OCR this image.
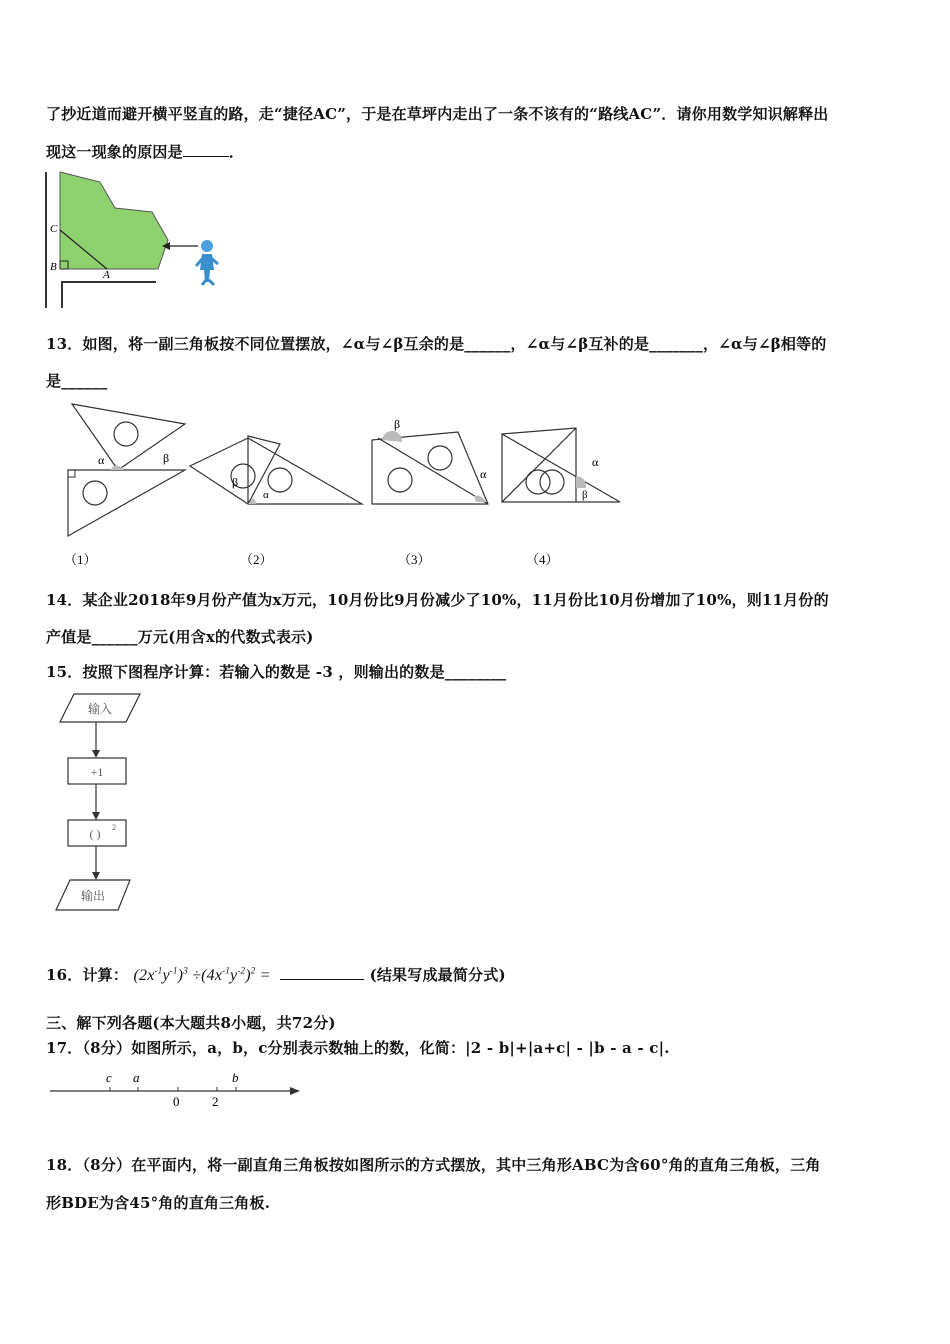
了抄近道而避开横平竖直的路，走“捷径AC”，于是在草坪内走出了一条不该有的“路线AC”．请你用数学知识解释出
现这一现象的原因是	．
C
B
A
13．如图，将一副三角板按不同位置摆放，∠α与∠β互余的是______，∠α与∠β互补的是_______，∠α与∠β相等的
是______
α	β
β
α
β
α
α
β
（1）	（2）	（3）	（4）
14．某企业2018年9月份产值为x万元，10月份比9月份减少了10%，11月份比10月份增加了10%，则11月份的
产值是______万元(用含x的代数式表示)
15．按照下图程序计算：若输入的数是 -3 ，则输出的数是________
输入
+1
( ) 2
输出
16．计算： $(2x^{-1}y^{-1})^3 \div(4x^{-1}y^{-2})^2$ =	(结果写成最简分式)
三、解下列各题(本大题共8小题，共72分)
17．（8分）如图所示，a，b，c分别表示数轴上的数，化简：|2 - b|+|a+c| - |b - a - c|.
c a
0	2
b
18．（8分）在平面内，将一副直角三角板按如图所示的方式摆放，其中三角形ABC为含60°角的直角三角板，三角
形BDE为含45°角的直角三角板.
